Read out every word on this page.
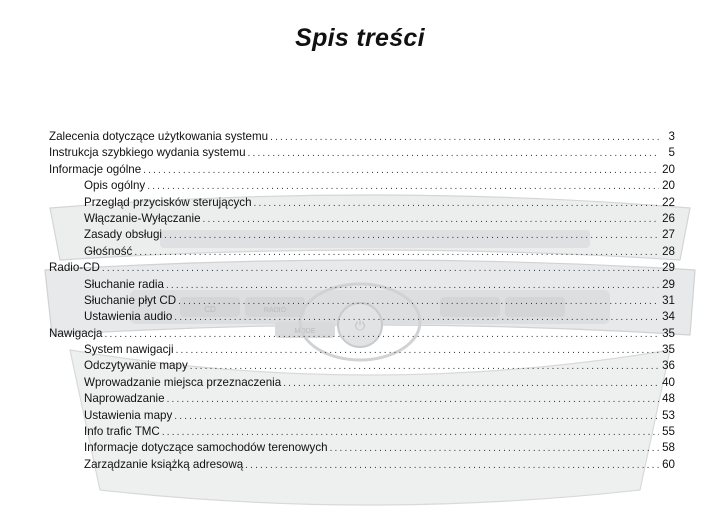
CD	RADIO
MODE	⏻
Spis treści
Zalecenia dotyczące użytkowania systemu . . .	3
Instrukcja szybkiego wydania systemu . . .	5
Informacje ogólne . . .	20
Opis ogólny . . .	20
Przegląd przycisków sterujących . . .	22
Włączanie-Wyłączanie . . .	26
Zasady obsługi . . .	27
Głośność . . .	28
Radio-CD . . .	29
Słuchanie radia . . .	29
Słuchanie płyt CD . . .	31
Ustawienia audio . . .	34
Nawigacja . . .	35
System nawigacji . . .	35
Odczytywanie mapy . . .	36
Wprowadzanie miejsca przeznaczenia . . .	40
Naprowadzanie . . .	48
Ustawienia mapy . . .	53
Info trafic TMC . . .	55
Informacje dotyczące samochodów terenowych . . .	58
Zarządzanie książką adresową . . .	60
